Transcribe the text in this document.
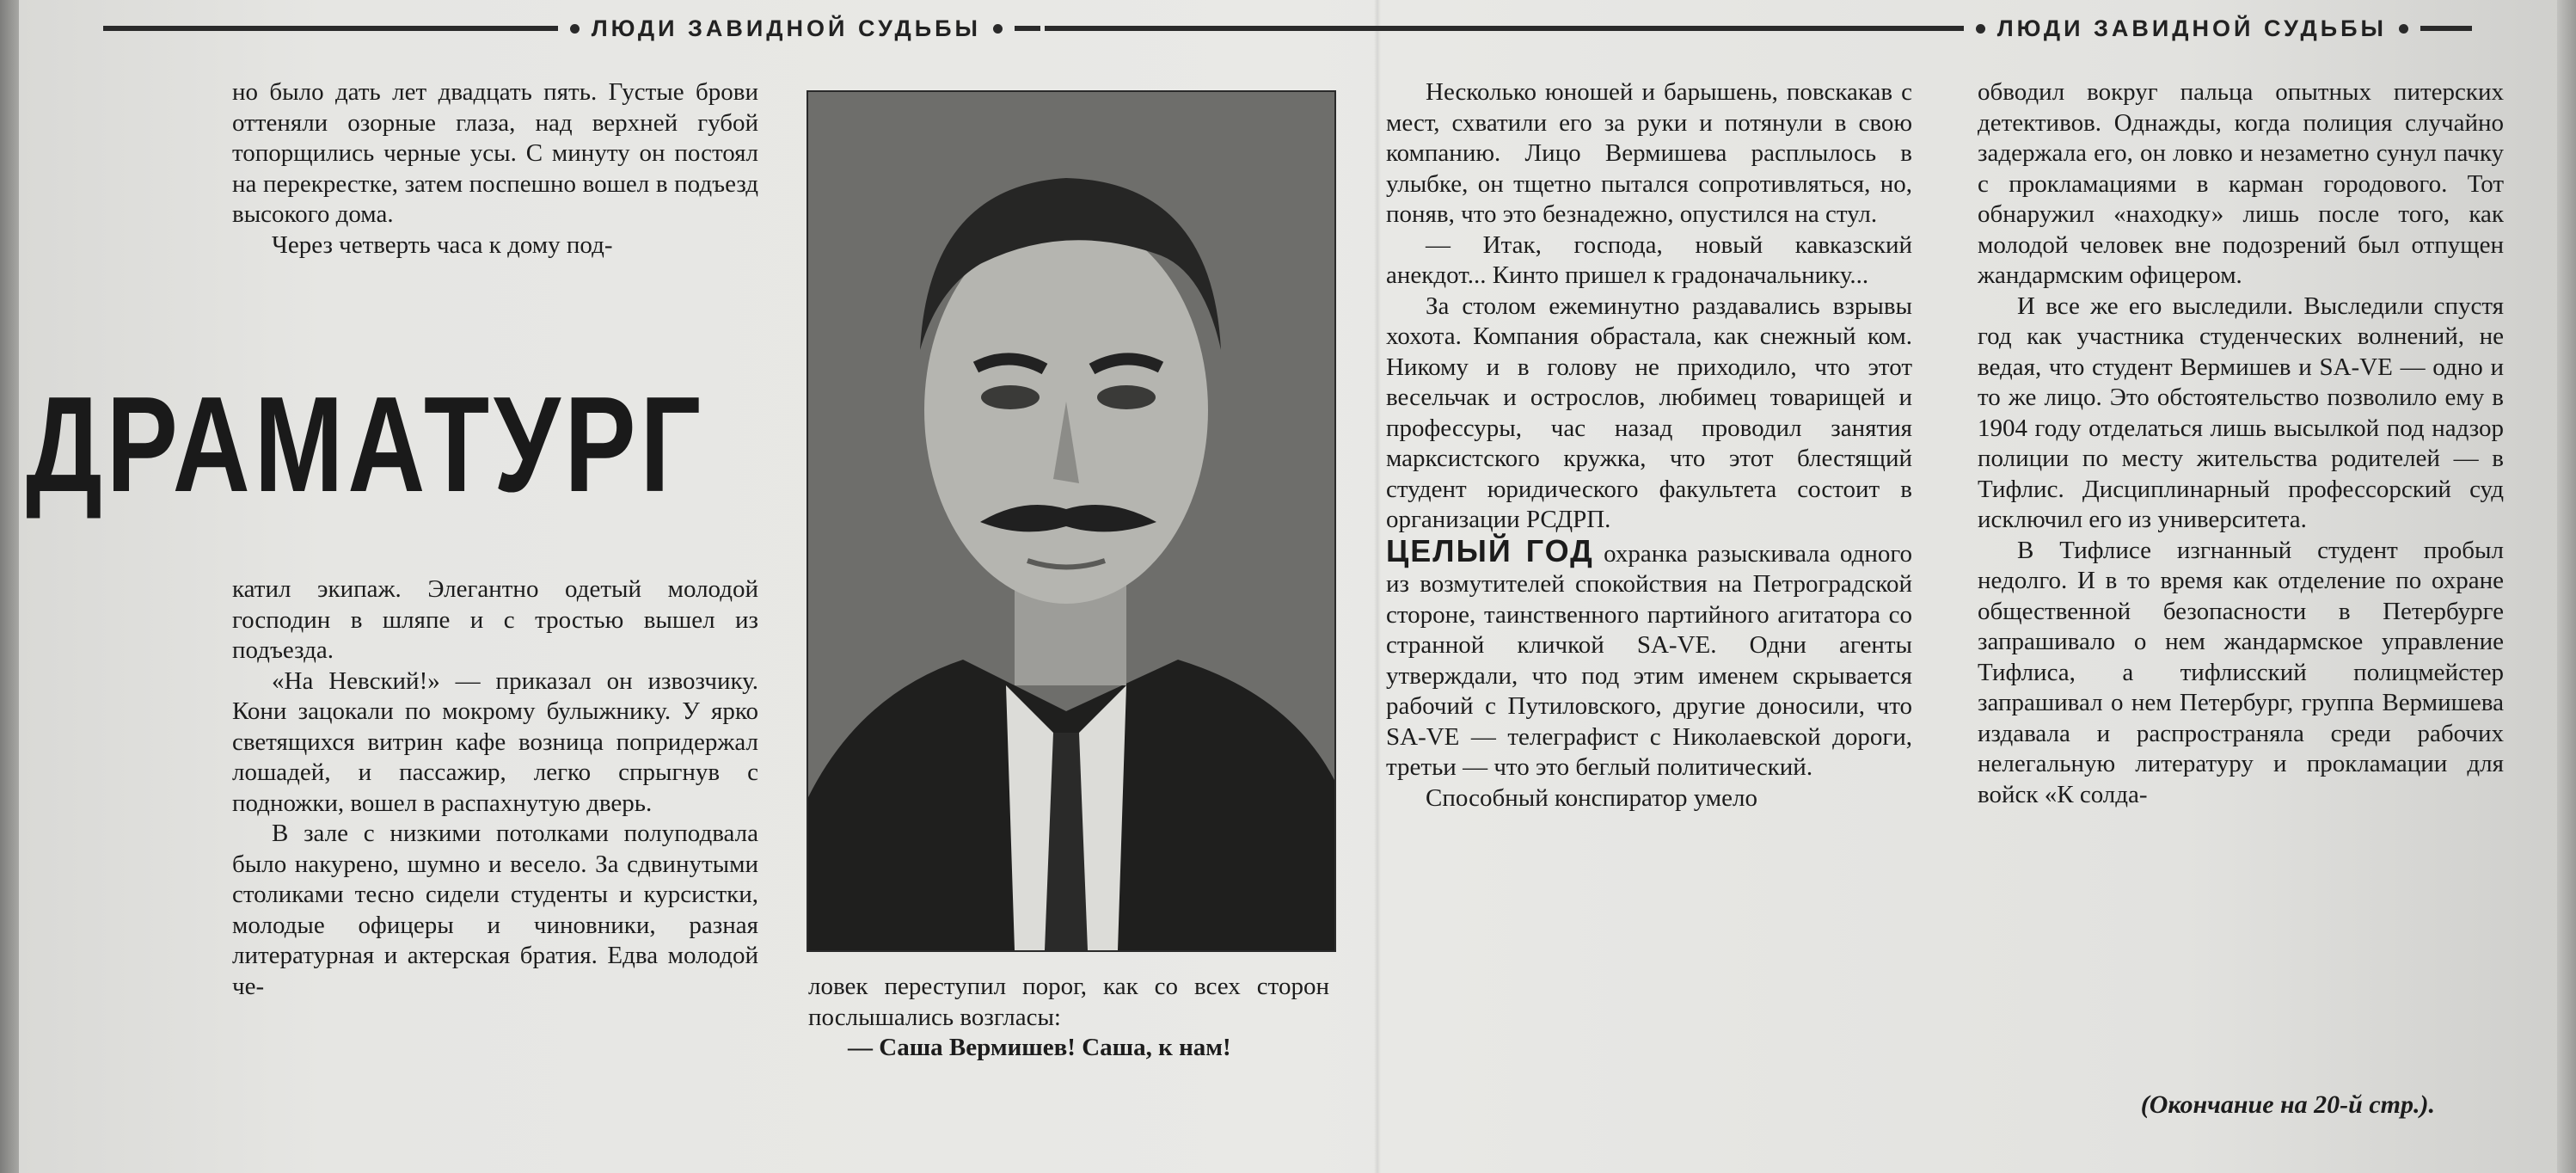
ЛЮДИ ЗАВИДНОЙ СУДЬБЫ	ЛЮДИ ЗАВИДНОЙ СУДЬБЫ

но было дать лет двадцать пять. Густые брови оттеняли озорные глаза, над верхней губой топорщились черные усы. С минуту он постоял на перекрестке, затем поспешно вошел в подъезд высокого дома.

Через четверть часа к дому под-

ДРАМАТУРГ

катил экипаж. Элегантно одетый молодой господин в шляпе и с тростью вышел из подъезда.

«На Невский!» — приказал он извозчику. Кони зацокали по мокрому булыжнику. У ярко светящихся витрин кафе возница попридержал лошадей, и пассажир, легко спрыгнув с подножки, вошел в распахнутую дверь.

В зале с низкими потолками полуподвала было накурено, шумно и весело. За сдвинутыми столиками тесно сидели студенты и курсистки, молодые офицеры и чиновники, разная литературная и актерская братия. Едва молодой че-	ловек переступил порог, как со всех сторон послышались возгласы:

— Саша Вермишев! Саша, к нам!

Несколько юношей и барышень, повскакав с мест, схватили его за руки и потянули в свою компанию. Лицо Вермишева расплылось в улыбке, он тщетно пытался сопротивляться, но, поняв, что это безнадежно, опустился на стул.

— Итак, господа, новый кавказский анекдот... Кинто пришел к градоначальнику...

За столом ежеминутно раздавались взрывы хохота. Компания обрастала, как снежный ком. Никому и в голову не приходило, что этот весельчак и острослов, любимец товарищей и профессуры, час назад проводил занятия марксистского кружка, что этот блестящий студент юридического факультета состоит в организации РСДРП.

ЦЕЛЫЙ ГОД охранка разыскивала одного из возмутителей спокойствия на Петроградской стороне, таинственного партийного агитатора со странной кличкой SA-VE. Одни агенты утверждали, что под этим именем скрывается рабочий с Путиловского, другие доносили, что SA-VE — телеграфист с Николаевской дороги, третьи — что это беглый политический.

Способный конспиратор умело

обводил вокруг пальца опытных питерских детективов. Однажды, когда полиция случайно задержала его, он ловко и незаметно сунул пачку с прокламациями в карман городового. Тот обнаружил «находку» лишь после того, как молодой человек вне подозрений был отпущен жандармским офицером.

И все же его выследили. Выследили спустя год как участника студенческих волнений, не ведая, что студент Вермишев и SA-VE — одно и то же лицо. Это обстоятельство позволило ему в 1904 году отделаться лишь высылкой под надзор полиции по месту жительства родителей — в Тифлис. Дисциплинарный профессорский суд исключил его из университета.

В Тифлисе изгнанный студент пробыл недолго. И в то время как отделение по охране общественной безопасности в Петербурге запрашивало о нем жандармское управление Тифлиса, а тифлисский полицмейстер запрашивал о нем Петербург, группа Вермишева издавала и распространяла среди рабочих нелегальную литературу и прокламации для войск «К солда-

(Окончание на 20-й стр.).
